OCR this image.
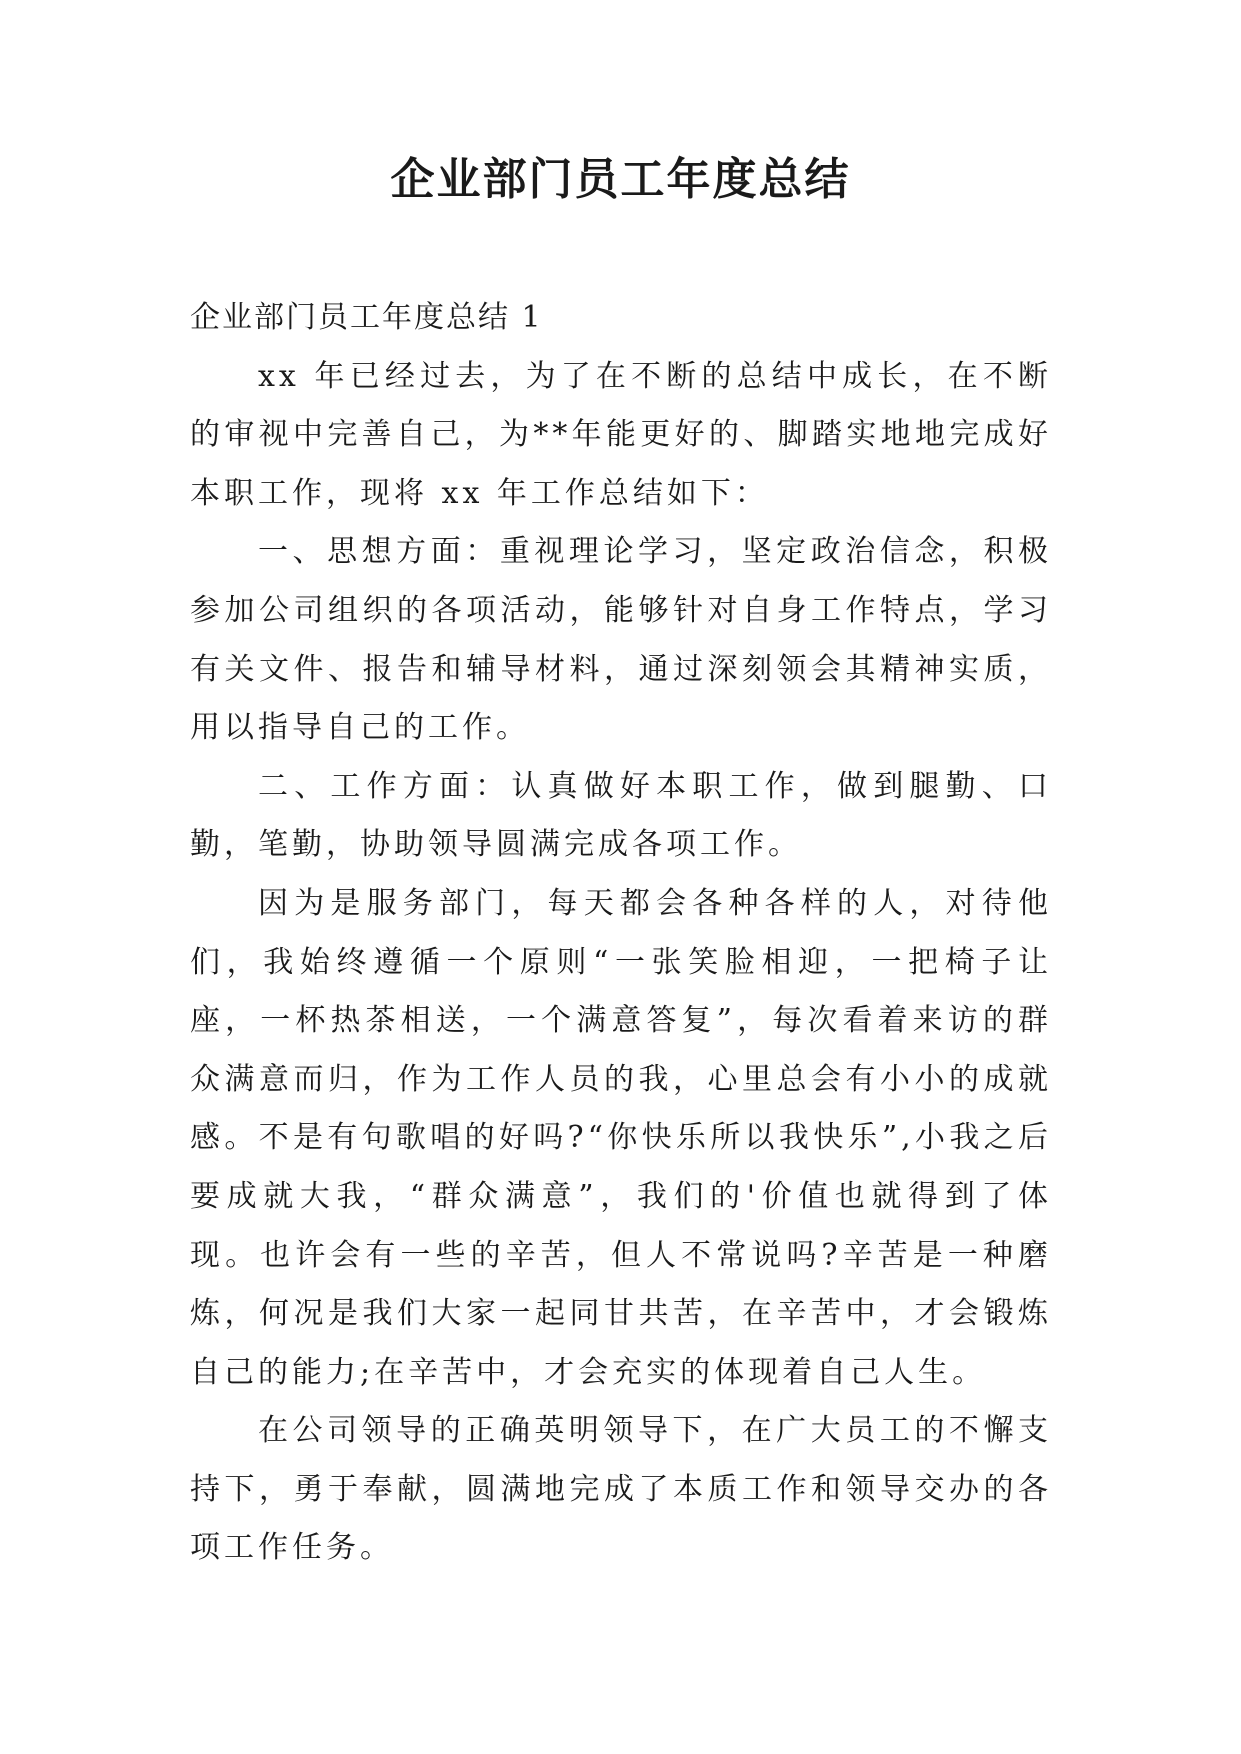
企业部门员工年度总结

企业部门员工年度总结 1

xx 年已经过去，为了在不断的总结中成长，在不断的审视中完善自己，为**年能更好的、脚踏实地地完成好本职工作，现将 xx 年工作总结如下：

一、思想方面：重视理论学习，坚定政治信念，积极参加公司组织的各项活动，能够针对自身工作特点，学习有关文件、报告和辅导材料，通过深刻领会其精神实质，用以指导自己的工作。

二、工作方面：认真做好本职工作，做到腿勤、口勤，笔勤，协助领导圆满完成各项工作。

因为是服务部门，每天都会各种各样的人，对待他们，我始终遵循一个原则“一张笑脸相迎，一把椅子让座，一杯热茶相送，一个满意答复”，每次看着来访的群众满意而归，作为工作人员的我，心里总会有小小的成就感。不是有句歌唱的好吗?“你快乐所以我快乐”,小我之后要成就大我，“群众满意”，我们的'价值也就得到了体现。也许会有一些的辛苦，但人不常说吗?辛苦是一种磨炼，何况是我们大家一起同甘共苦，在辛苦中，才会锻炼自己的能力;在辛苦中，才会充实的体现着自己人生。

在公司领导的正确英明领导下，在广大员工的不懈支持下，勇于奉献，圆满地完成了本质工作和领导交办的各项工作任务。
